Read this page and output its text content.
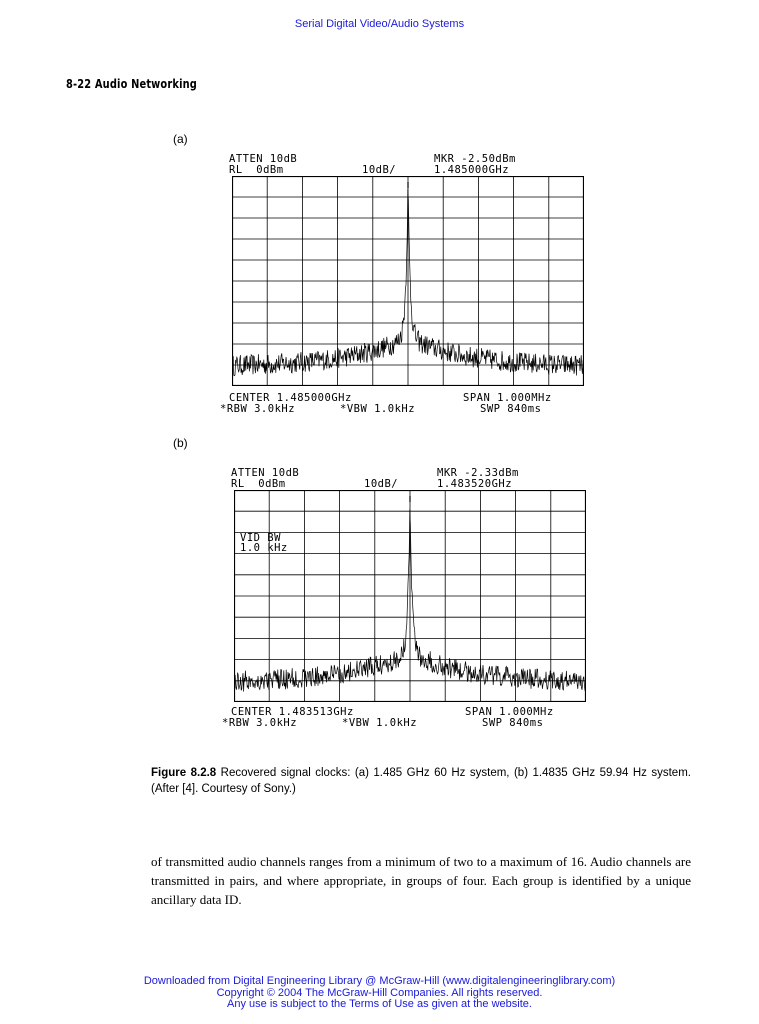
Serial Digital Video/Audio Systems
8-22 Audio Networking
(a)
ATTEN 10dB
RL  0dBm	10dB/
MKR -2.50dBm
1.485000GHz
CENTER 1.485000GHz	SPAN 1.000MHz
*RBW 3.0kHz	*VBW 1.0kHz	SWP 840ms
(b)
ATTEN 10dB
RL  0dBm	10dB/
MKR -2.33dBm
1.483520GHz
VID BW
1.0 kHz
CENTER 1.483513GHz	SPAN 1.000MHz
*RBW 3.0kHz	*VBW 1.0kHz	SWP 840ms
Figure 8.2.8 Recovered signal clocks: (a) 1.485 GHz 60 Hz system, (b) 1.4835 GHz 59.94 Hz system. (After [4]. Courtesy of Sony.)
of transmitted audio channels ranges from a minimum of two to a maximum of 16. Audio channels are transmitted in pairs, and where appropriate, in groups of four. Each group is identified by a unique ancillary data ID.
Downloaded from Digital Engineering Library @ McGraw-Hill (www.digitalengineeringlibrary.com)
Copyright © 2004 The McGraw-Hill Companies. All rights reserved.
Any use is subject to the Terms of Use as given at the website.
